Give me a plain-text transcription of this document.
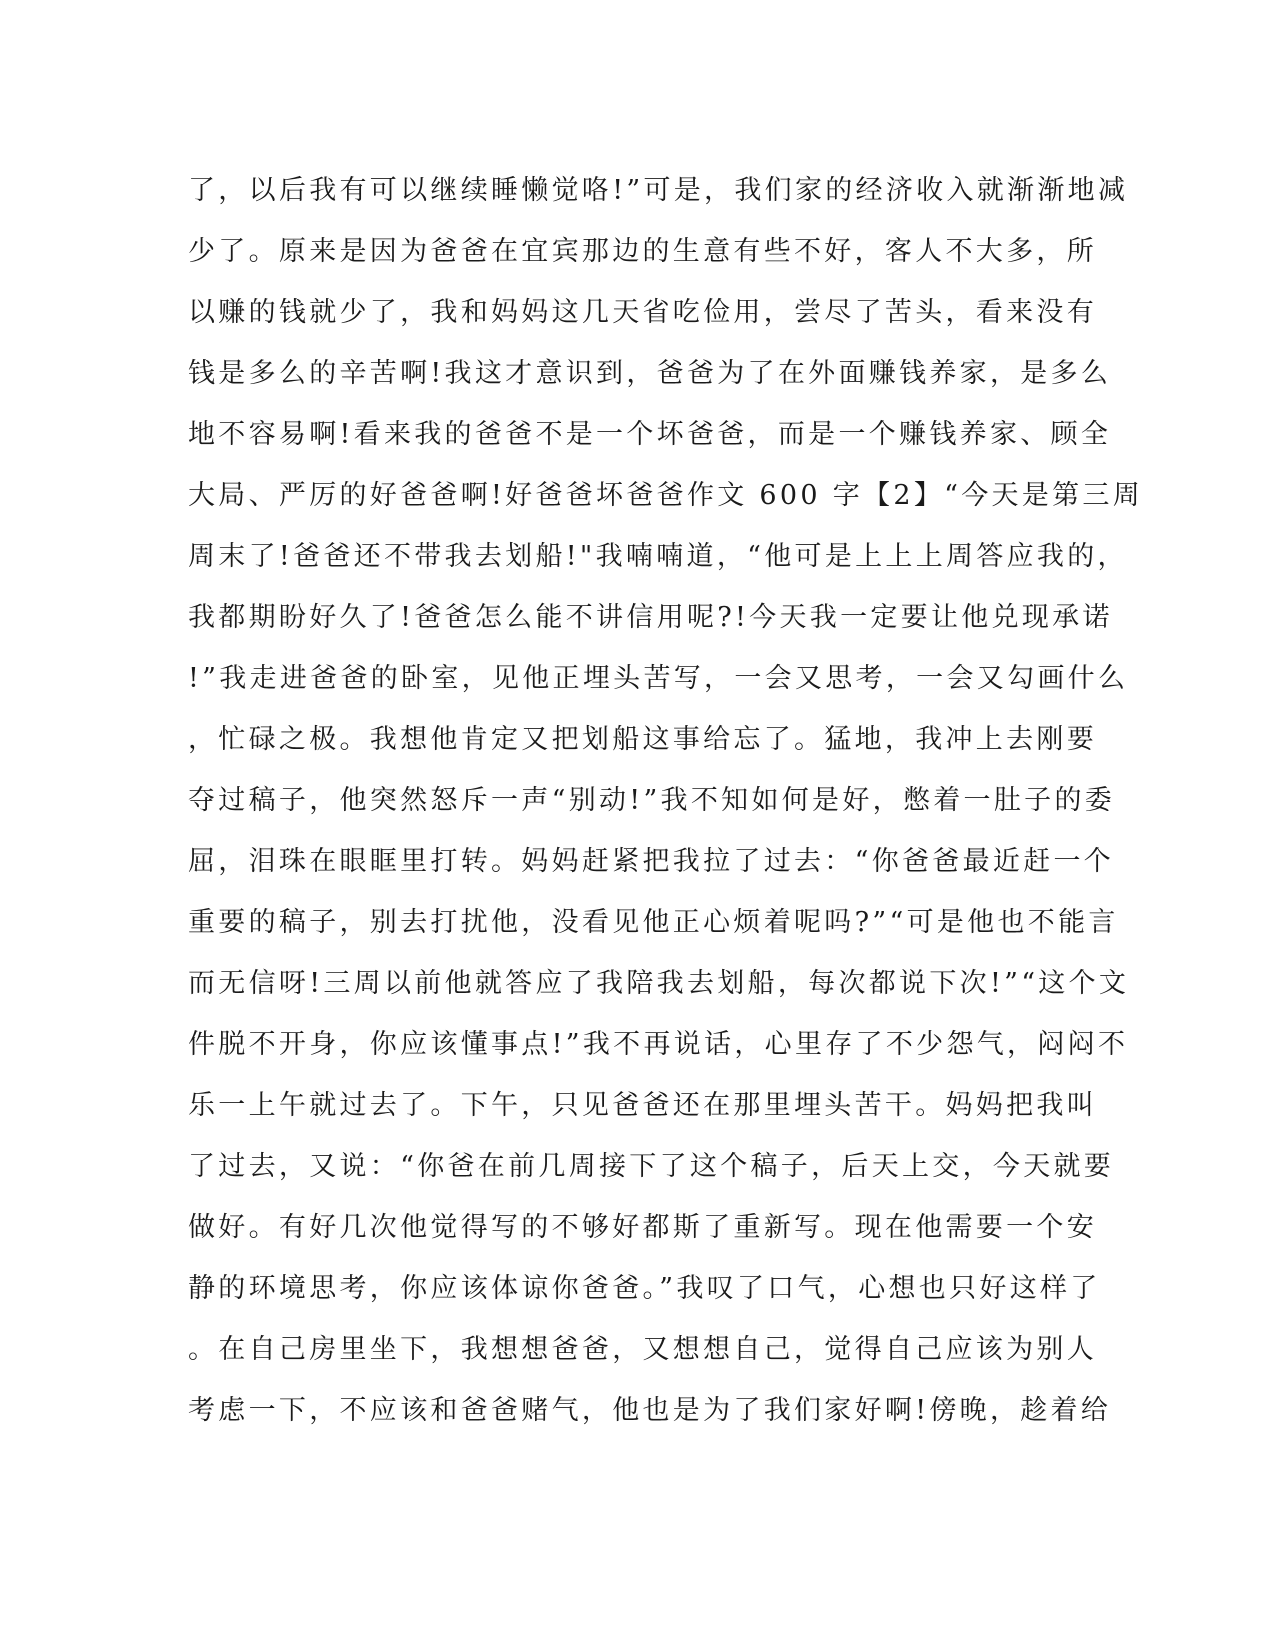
了，以后我有可以继续睡懒觉咯!”可是，我们家的经济收入就渐渐地减

少了。原来是因为爸爸在宜宾那边的生意有些不好，客人不大多，所

以赚的钱就少了，我和妈妈这几天省吃俭用，尝尽了苦头，看来没有

钱是多么的辛苦啊!我这才意识到，爸爸为了在外面赚钱养家，是多么

地不容易啊!看来我的爸爸不是一个坏爸爸，而是一个赚钱养家、顾全

大局、严厉的好爸爸啊!好爸爸坏爸爸作文 600 字【2】“今天是第三周

周末了!爸爸还不带我去划船!"我喃喃道，“他可是上上上周答应我的，

我都期盼好久了!爸爸怎么能不讲信用呢?!今天我一定要让他兑现承诺

!”我走进爸爸的卧室，见他正埋头苦写，一会又思考，一会又勾画什么

，忙碌之极。我想他肯定又把划船这事给忘了。猛地，我冲上去刚要

夺过稿子，他突然怒斥一声“别动!”我不知如何是好，憋着一肚子的委

屈，泪珠在眼眶里打转。妈妈赶紧把我拉了过去：“你爸爸最近赶一个

重要的稿子，别去打扰他，没看见他正心烦着呢吗?”“可是他也不能言

而无信呀!三周以前他就答应了我陪我去划船，每次都说下次!”“这个文

件脱不开身，你应该懂事点!”我不再说话，心里存了不少怨气，闷闷不

乐一上午就过去了。下午，只见爸爸还在那里埋头苦干。妈妈把我叫

了过去，又说：“你爸在前几周接下了这个稿子，后天上交，今天就要

做好。有好几次他觉得写的不够好都斯了重新写。现在他需要一个安

静的环境思考，你应该体谅你爸爸。”我叹了口气，心想也只好这样了

。在自己房里坐下，我想想爸爸，又想想自己，觉得自己应该为别人

考虑一下，不应该和爸爸赌气，他也是为了我们家好啊!傍晚，趁着给
